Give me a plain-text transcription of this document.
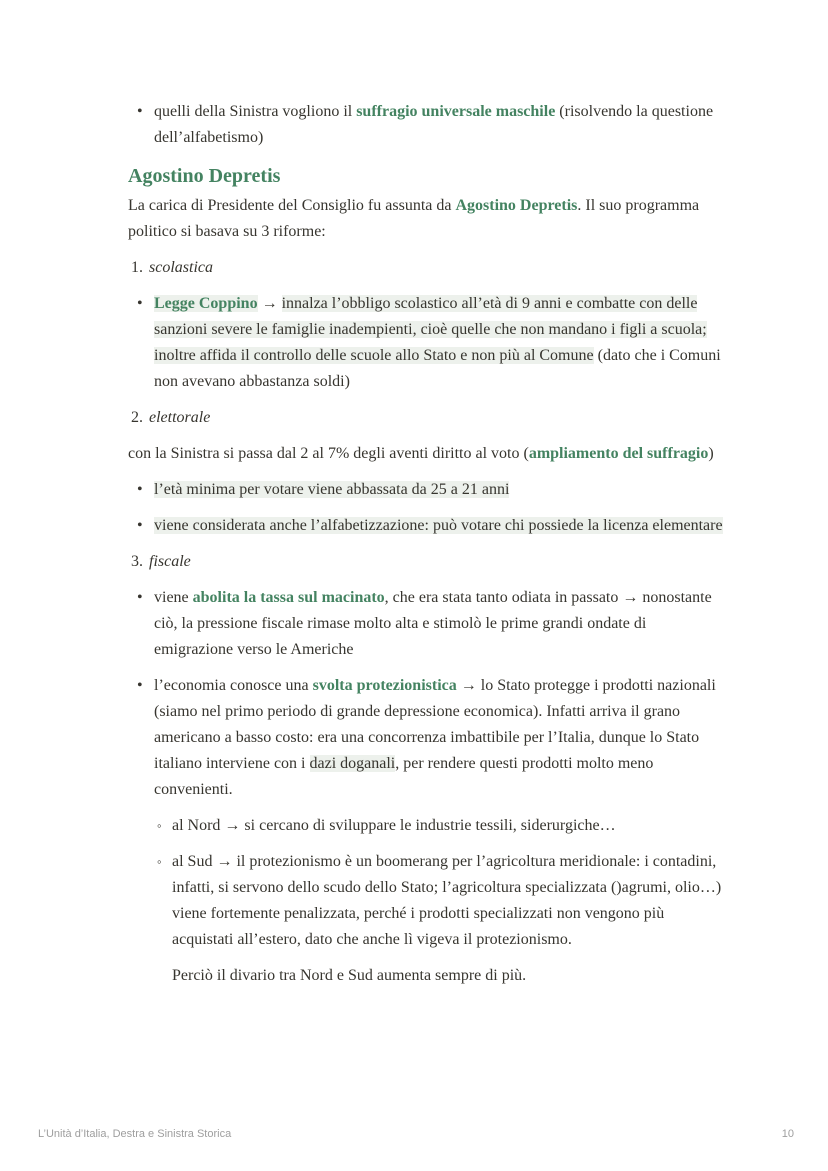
• quelli della Sinistra vogliono il suffragio universale maschile (risolvendo la questione dell’alfabetismo)
Agostino Depretis
La carica di Presidente del Consiglio fu assunta da Agostino Depretis. Il suo programma politico si basava su 3 riforme:
1. scolastica
• Legge Coppino → innalza l’obbligo scolastico all’età di 9 anni e combatte con delle sanzioni severe le famiglie inadempienti, cioè quelle che non mandano i figli a scuola; inoltre affida il controllo delle scuole allo Stato e non più al Comune (dato che i Comuni non avevano abbastanza soldi)
2. elettorale
con la Sinistra si passa dal 2 al 7% degli aventi diritto al voto (ampliamento del suffragio)
• l’età minima per votare viene abbassata da 25 a 21 anni
• viene considerata anche l’alfabetizzazione: può votare chi possiede la licenza elementare
3. fiscale
• viene abolita la tassa sul macinato, che era stata tanto odiata in passato → nonostante ciò, la pressione fiscale rimase molto alta e stimolò le prime grandi ondate di emigrazione verso le Americhe
• l’economia conosce una svolta protezionistica → lo Stato protegge i prodotti nazionali (siamo nel primo periodo di grande depressione economica). Infatti arriva il grano americano a basso costo: era una concorrenza imbattibile per l’Italia, dunque lo Stato italiano interviene con i dazi doganali, per rendere questi prodotti molto meno convenienti.
◦ al Nord → si cercano di sviluppare le industrie tessili, siderurgiche…
◦ al Sud → il protezionismo è un boomerang per l’agricoltura meridionale: i contadini, infatti, si servono dello scudo dello Stato; l’agricoltura specializzata ()agrumi, olio…) viene fortemente penalizzata, perché i prodotti specializzati non vengono più acquistati all’estero, dato che anche lì vigeva il protezionismo.
Perciò il divario tra Nord e Sud aumenta sempre di più.
L’Unità d’Italia, Destra e Sinistra Storica	10
